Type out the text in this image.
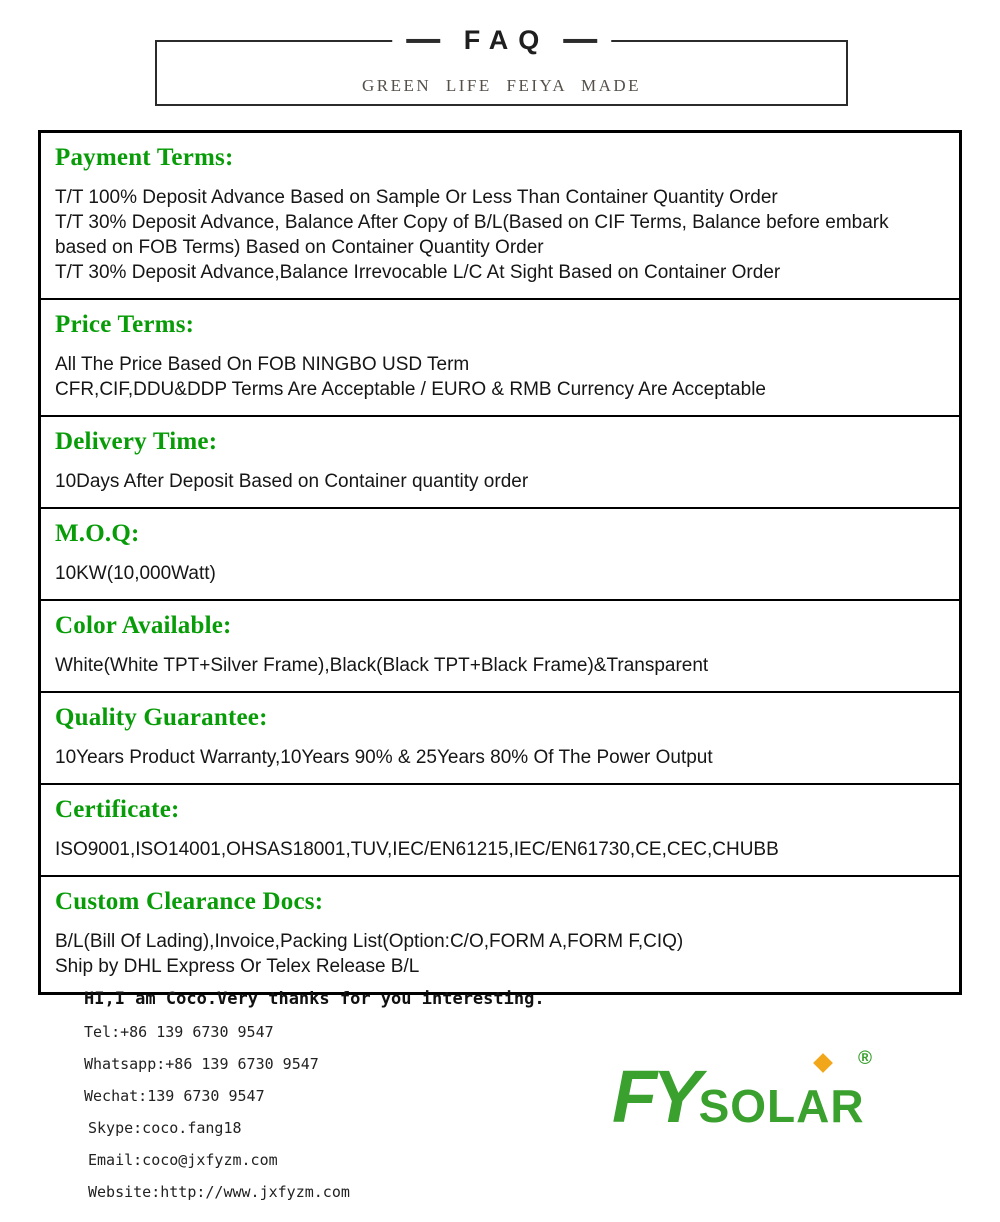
FAQ
GREEN LIFE FEIYA MADE
Payment Terms:
T/T 100% Deposit Advance Based on Sample Or Less Than Container Quantity Order
T/T 30% Deposit Advance, Balance After Copy of B/L(Based on CIF Terms, Balance before embark based on FOB Terms) Based on Container Quantity Order
T/T 30% Deposit Advance,Balance Irrevocable L/C At Sight Based on Container Order
Price Terms:
All The Price Based On FOB NINGBO USD Term
CFR,CIF,DDU&DDP Terms Are Acceptable / EURO & RMB Currency Are Acceptable
Delivery Time:
10Days After Deposit Based on Container quantity order
M.O.Q:
10KW(10,000Watt)
Color Available:
White(White TPT+Silver Frame),Black(Black TPT+Black Frame)&Transparent
Quality Guarantee:
10Years Product Warranty,10Years 90% & 25Years 80% Of The Power Output
Certificate:
ISO9001,ISO14001,OHSAS18001,TUV,IEC/EN61215,IEC/EN61730,CE,CEC,CHUBB
Custom Clearance Docs:
B/L(Bill Of Lading),Invoice,Packing List(Option:C/O,FORM A,FORM F,CIQ)
Ship by DHL Express Or Telex Release B/L
HI,I am Coco.Very thanks for you interesting.
Tel:+86 139 6730 9547
Whatsapp:+86 139 6730 9547
Wechat:139 6730 9547
Skype:coco.fang18
Email:coco@jxfyzm.com
Website:http://www.jxfyzm.com
FY SOLAR
®
